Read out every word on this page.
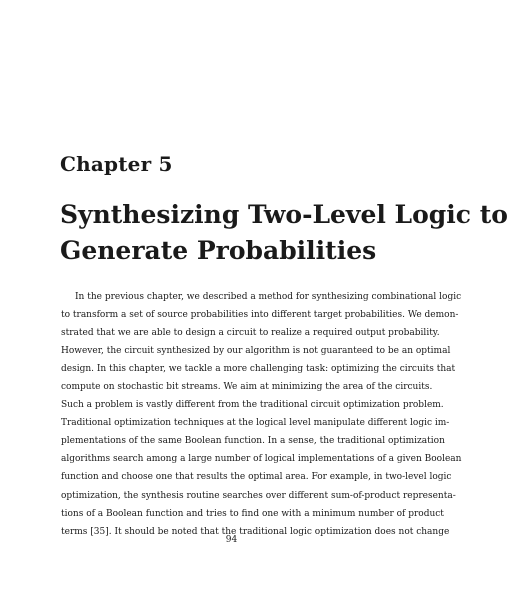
Chapter 5
Synthesizing Two-Level Logic to
Generate Probabilities
In the previous chapter, we described a method for synthesizing combinational logic
to transform a set of source probabilities into different target probabilities. We demon-
strated that we are able to design a circuit to realize a required output probability.
However, the circuit synthesized by our algorithm is not guaranteed to be an optimal
design. In this chapter, we tackle a more challenging task: optimizing the circuits that
compute on stochastic bit streams. We aim at minimizing the area of the circuits.
Such a problem is vastly different from the traditional circuit optimization problem.
Traditional optimization techniques at the logical level manipulate different logic im-
plementations of the same Boolean function. In a sense, the traditional optimization
algorithms search among a large number of logical implementations of a given Boolean
function and choose one that results the optimal area. For example, in two-level logic
optimization, the synthesis routine searches over different sum-of-product representa-
tions of a Boolean function and tries to find one with a minimum number of product
terms [35]. It should be noted that the traditional logic optimization does not change
94
